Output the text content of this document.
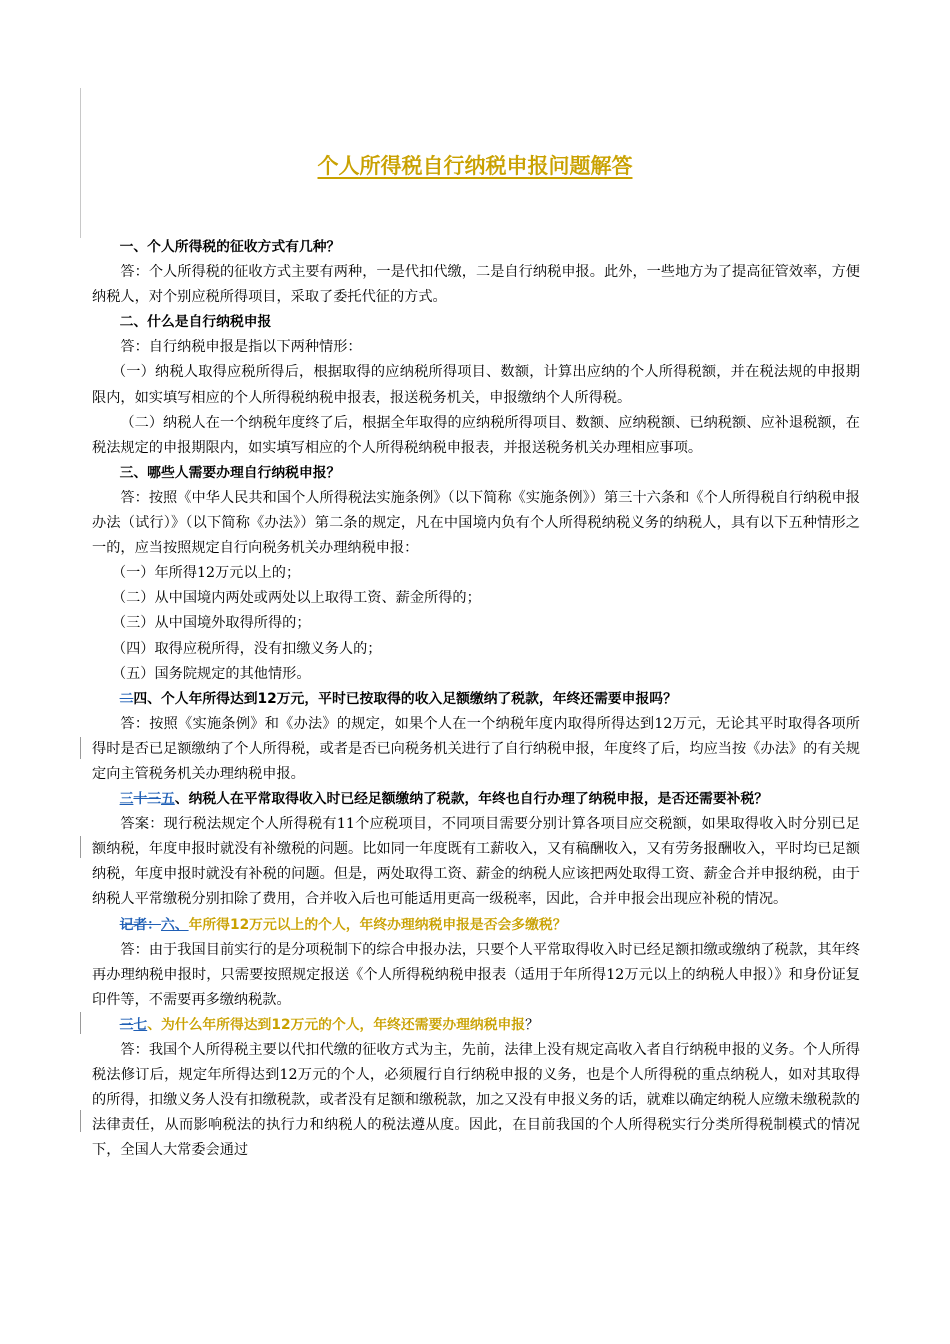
个人所得税自行纳税申报问题解答

一、个人所得税的征收方式有几种？

答：个人所得税的征收方式主要有两种，一是代扣代缴，二是自行纳税申报。此外，一些地方为了提高征管效率，方便纳税人，对个别应税所得项目，采取了委托代征的方式。

二、什么是自行纳税申报

答：自行纳税申报是指以下两种情形：

（一）纳税人取得应税所得后，根据取得的应纳税所得项目、数额，计算出应纳的个人所得税额，并在税法规的申报期限内，如实填写相应的个人所得税纳税申报表，报送税务机关，申报缴纳个人所得税。

（二）纳税人在一个纳税年度终了后，根据全年取得的应纳税所得项目、数额、应纳税额、已纳税额、应补退税额，在税法规定的申报期限内，如实填写相应的个人所得税纳税申报表，并报送税务机关办理相应事项。

三、哪些人需要办理自行纳税申报？

答：按照《中华人民共和国个人所得税法实施条例》（以下简称《实施条例》）第三十六条和《个人所得税自行纳税申报办法（试行）》（以下简称《办法》）第二条的规定，凡在中国境内负有个人所得税纳税义务的纳税人，具有以下五种情形之一的，应当按照规定自行向税务机关办理纳税申报：

（一）年所得12万元以上的；

（二）从中国境内两处或两处以上取得工资、薪金所得的；

（三）从中国境外取得所得的；

（四）取得应税所得，没有扣缴义务人的；

（五）国务院规定的其他情形。

二四、个人年所得达到12万元，平时已按取得的收入足额缴纳了税款，年终还需要申报吗？

答：按照《实施条例》和《办法》的规定，如果个人在一个纳税年度内取得所得达到12万元，无论其平时取得各项所得时是否已足额缴纳了个人所得税，或者是否已向税务机关进行了自行纳税申报，年度终了后，均应当按《办法》的有关规定向主管税务机关办理纳税申报。

三十三五、纳税人在平常取得收入时已经足额缴纳了税款，年终也自行办理了纳税申报，是否还需要补税？

答案：现行税法规定个人所得税有11个应税项目，不同项目需要分别计算各项目应交税额，如果取得收入时分别已足额纳税，年度申报时就没有补缴税的问题。比如同一年度既有工薪收入，又有稿酬收入，又有劳务报酬收入，平时均已足额纳税，年度申报时就没有补税的问题。但是，两处取得工资、薪金的纳税人应该把两处取得工资、薪金合并申报纳税，由于纳税人平常缴税分别扣除了费用，合并收入后也可能适用更高一级税率，因此，合并申报会出现应补税的情况。

记者：六、年所得12万元以上的个人，年终办理纳税申报是否会多缴税？

答：由于我国目前实行的是分项税制下的综合申报办法，只要个人平常取得收入时已经足额扣缴或缴纳了税款，其年终再办理纳税申报时，只需要按照规定报送《个人所得税纳税申报表（适用于年所得12万元以上的纳税人申报）》和身份证复印件等，不需要再多缴纳税款。

三七、为什么年所得达到12万元的个人，年终还需要办理纳税申报？

答：我国个人所得税主要以代扣代缴的征收方式为主，先前，法律上没有规定高收入者自行纳税申报的义务。个人所得税法修订后，规定年所得达到12万元的个人，必须履行自行纳税申报的义务，也是个人所得税的重点纳税人，如对其取得的所得，扣缴义务人没有扣缴税款，或者没有足额和缴税款，加之又没有申报义务的话，就难以确定纳税人应缴未缴税款的法律责任，从而影响税法的执行力和纳税人的税法遵从度。因此，在目前我国的个人所得税实行分类所得税制模式的情况下，全国人大常委会通过
